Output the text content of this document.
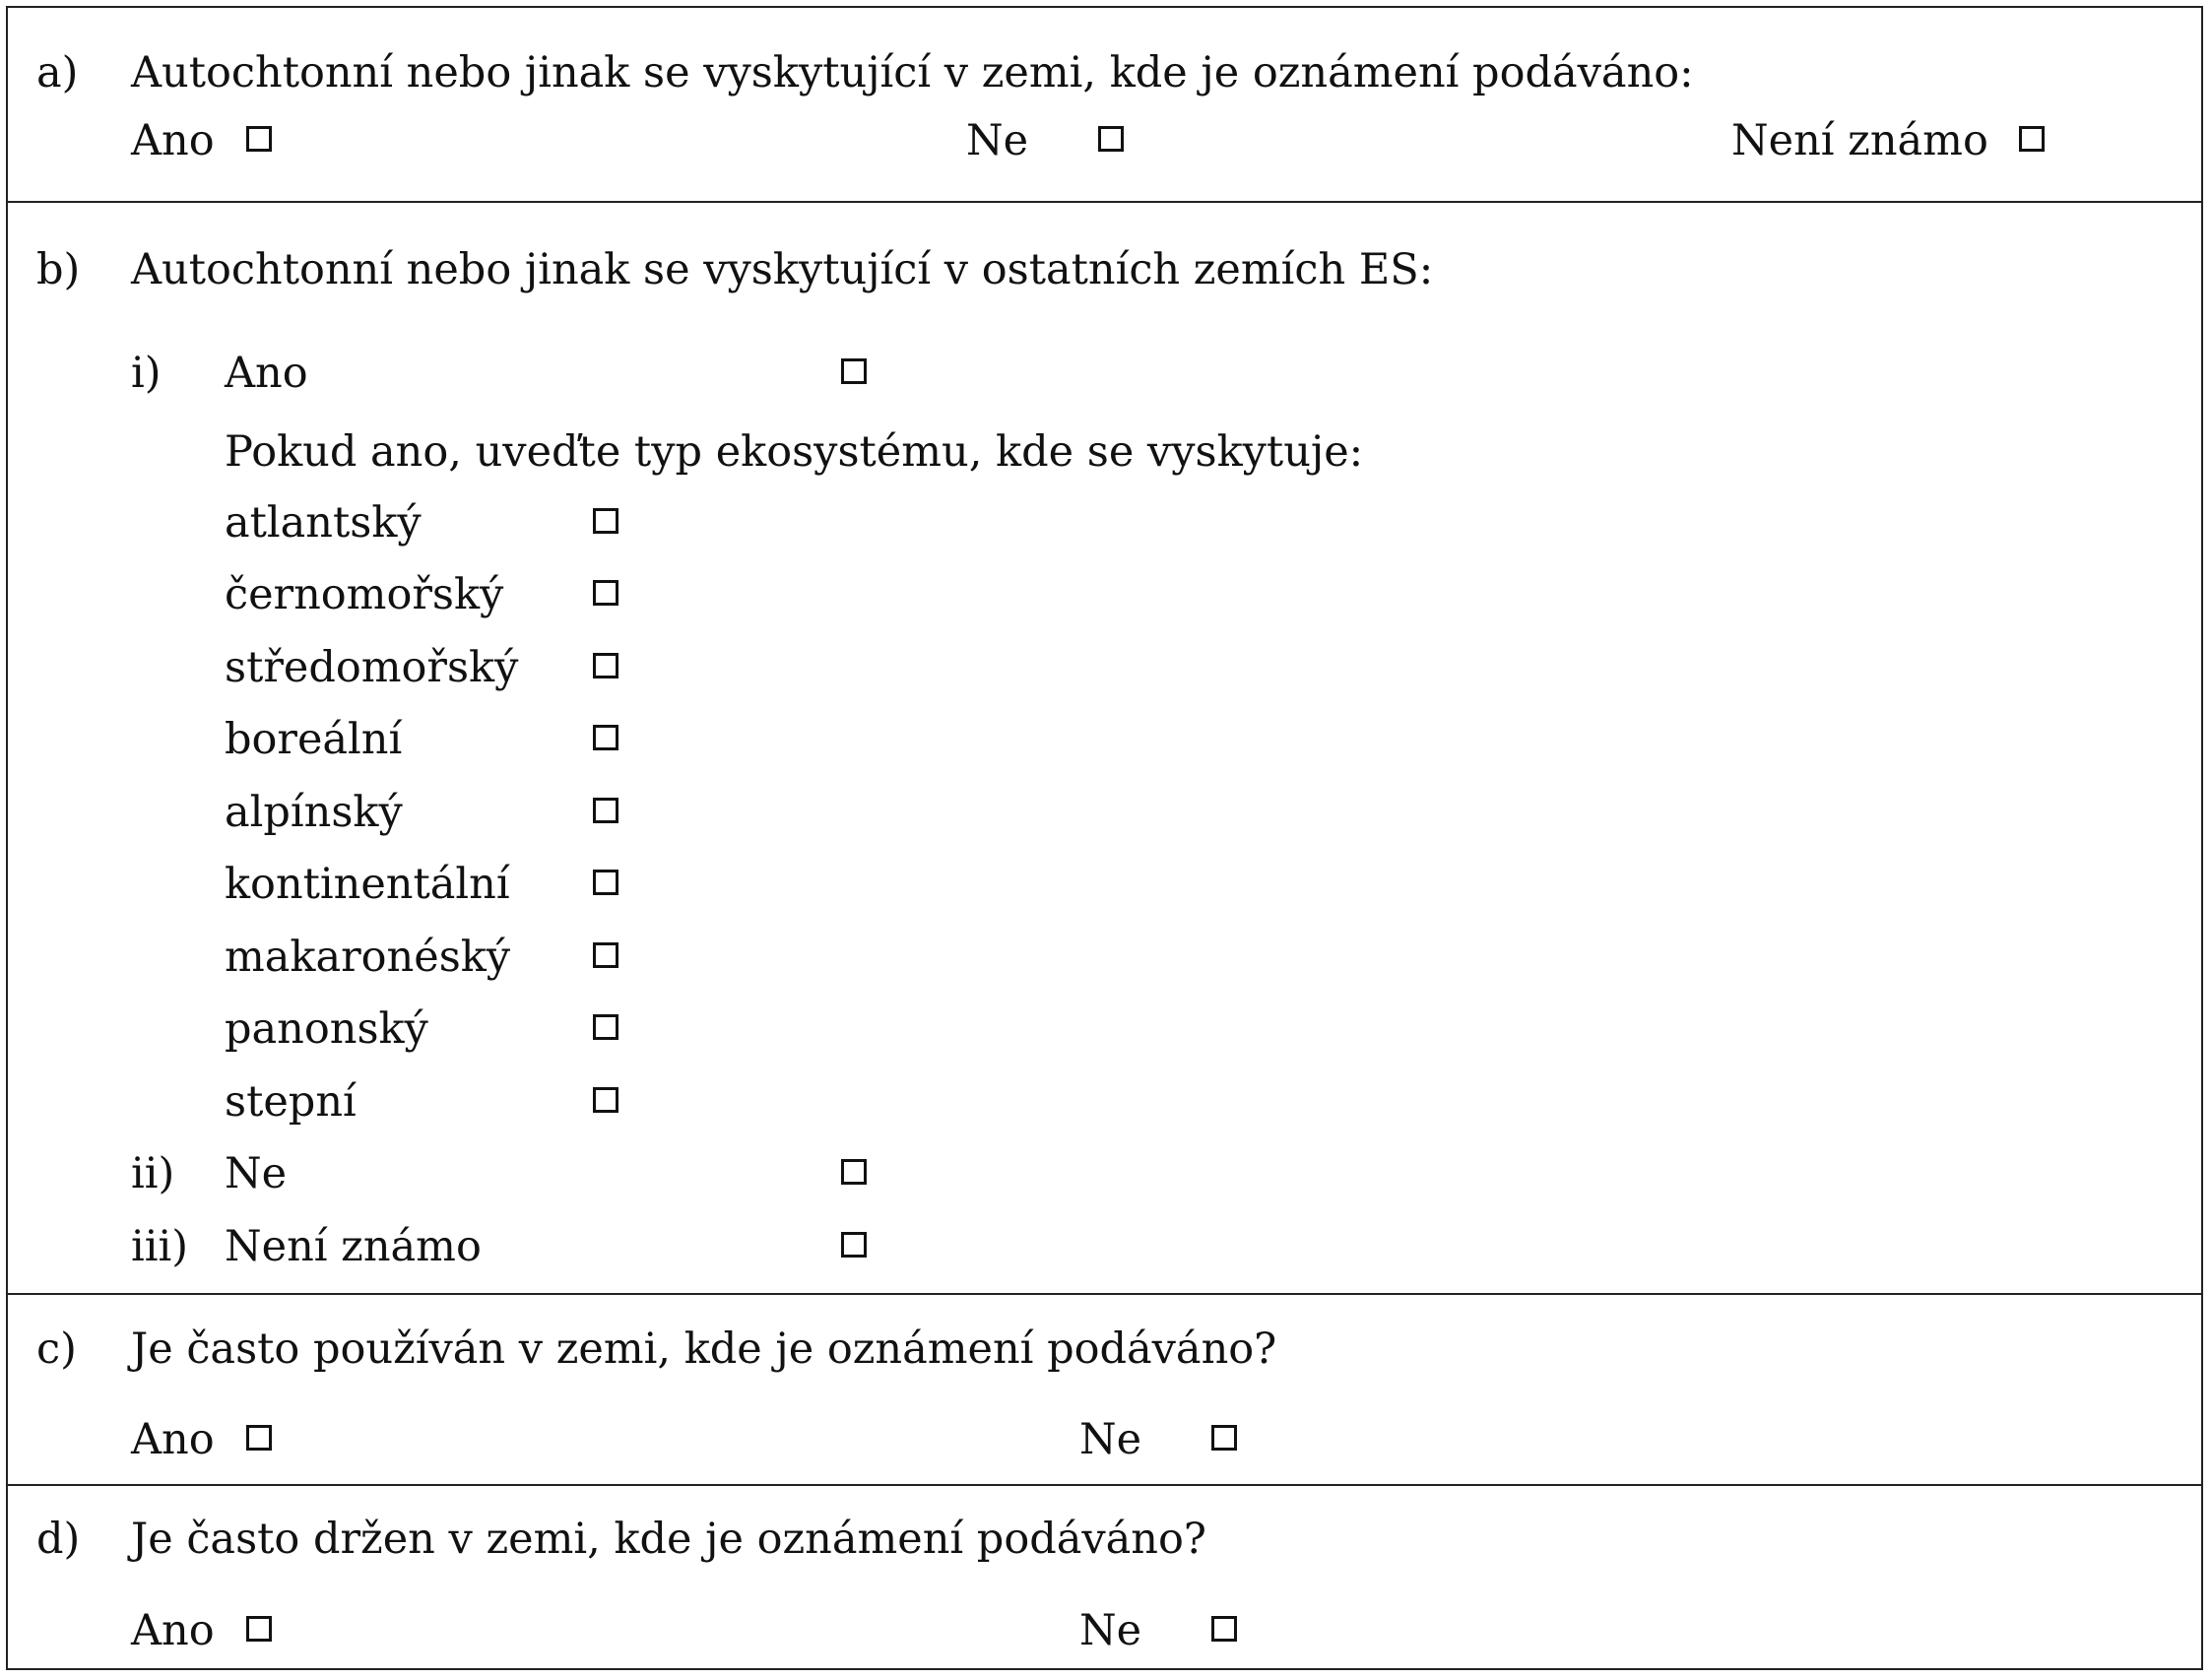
a) Autochtonní nebo jinak se vyskytující v zemi, kde je oznámení podáváno:
Ano	Ne	Není známo
b) Autochtonní nebo jinak se vyskytující v ostatních zemích ES:
i) Ano
Pokud ano, uveďte typ ekosystému, kde se vyskytuje:
atlantský
černomořský
středomořský
boreální
alpínský
kontinentální
makaronéský
panonský
stepní
ii) Ne
iii) Není známo
c) Je často používán v zemi, kde je oznámení podáváno?
Ano	Ne
d) Je často držen v zemi, kde je oznámení podáváno?
Ano	Ne
